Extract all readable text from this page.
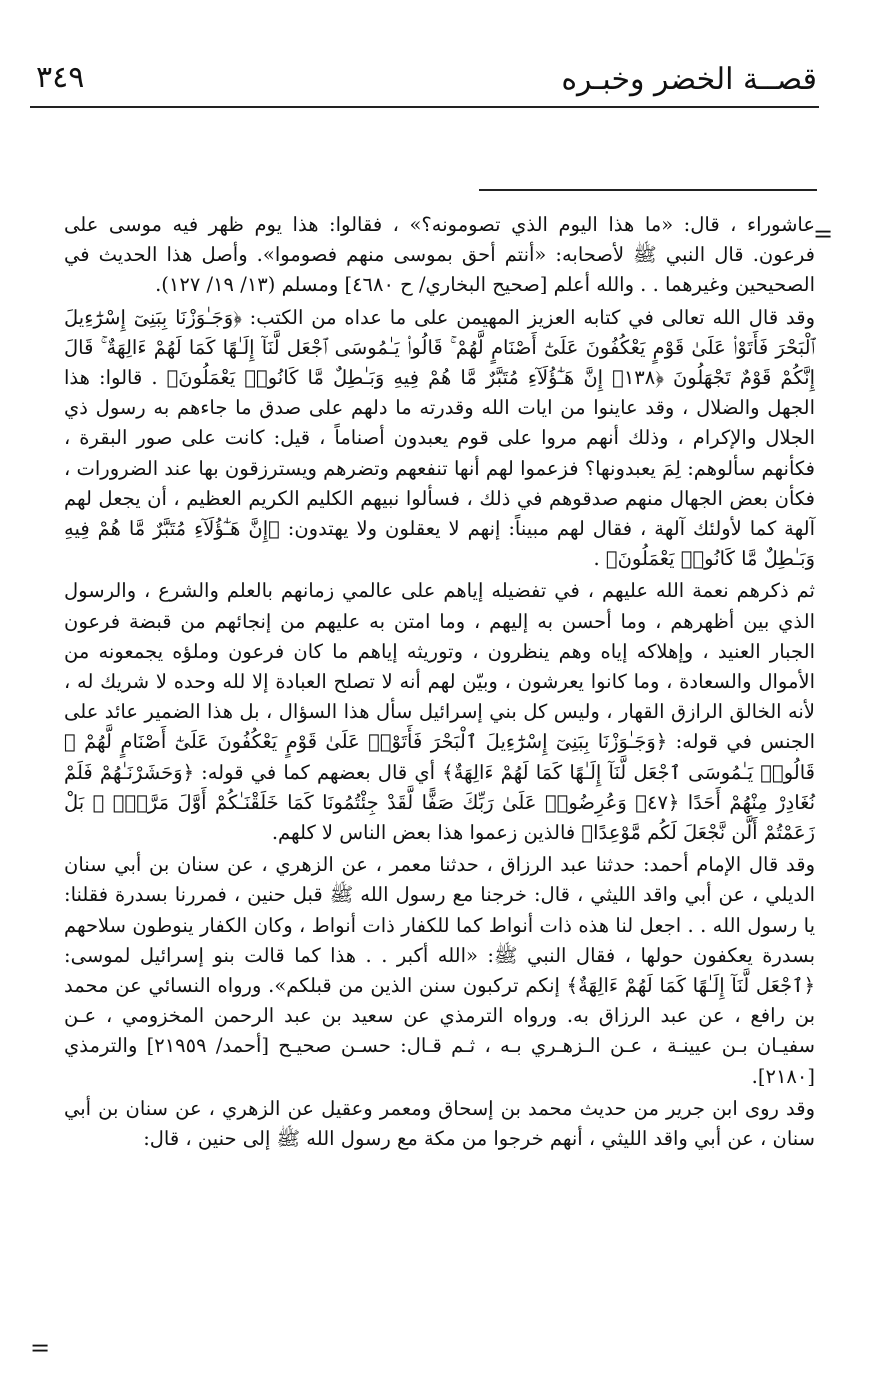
قصــة الخضر وخبـره
٣٤٩
=

عاشوراء ، قال: «ما هذا اليوم الذي تصومونه؟» ، فقالوا: هذا يوم ظهر فيه موسى على فرعون. قال النبي ﷺ لأصحابه: «أنتم أحق بموسى منهم فصوموا». وأصل هذا الحديث في الصحيحين وغيرهما . . والله أعلم [صحيح البخاري/ ح ٤٦٨٠] ومسلم (١٣/ ١٩/ ١٢٧).

وقد قال الله تعالى في كتابه العزيز المهيمن على ما عداه من الكتب: ﴿وَجَـٰوَزْنَا بِبَنِىٓ إِسْرَٰٓءِيلَ ٱلْبَحْرَ فَأَتَوْا۟ عَلَىٰ قَوْمٍ يَعْكُفُونَ عَلَىٰٓ أَصْنَامٍ لَّهُمْ ۚ قَالُوا۟ يَـٰمُوسَى ٱجْعَل لَّنَآ إِلَـٰهًا كَمَا لَهُمْ ءَالِهَةٌ ۚ قَالَ إِنَّكُمْ قَوْمٌ تَجْهَلُونَ ﴿١٣٨﴾ إِنَّ هَـٰٓؤُلَآءِ مُتَبَّرٌ مَّا هُمْ فِيهِ وَبَـٰطِلٌ مَّا كَانُوا۟ يَعْمَلُونَ﴾ . قالوا: هذا الجهل والضلال ، وقد عاينوا من ايات الله وقدرته ما دلهم على صدق ما جاءهم به رسول ذي الجلال والإكرام ، وذلك أنهم مروا على قوم يعبدون أصناماً ، قيل: كانت على صور البقرة ، فكأنهم سألوهم: لِمَ يعبدونها؟ فزعموا لهم أنها تنفعهم وتضرهم ويسترزقون بها عند الضرورات ، فكأن بعض الجهال منهم صدقوهم في ذلك ، فسألوا نبيهم الكليم الكريم العظيم ، أن يجعل لهم آلهة كما لأولئك آلهة ، فقال لهم مبيناً: إنهم لا يعقلون ولا يهتدون: ﴿إِنَّ هَـٰٓؤُلَآءِ مُتَبَّرٌ مَّا هُمْ فِيهِ وَبَـٰطِلٌ مَّا كَانُوا۟ يَعْمَلُونَ﴾ .

ثم ذكرهم نعمة الله عليهم ، في تفضيله إياهم على عالمي زمانهم بالعلم والشرع ، والرسول الذي بين أظهرهم ، وما أحسن به إليهم ، وما امتن به عليهم من إنجائهم من قبضة فرعون الجبار العنيد ، وإهلاكه إياه وهم ينظرون ، وتوريثه إياهم ما كان فرعون وملؤه يجمعونه من الأموال والسعادة ، وما كانوا يعرشون ، وبيّن لهم أنه لا تصلح العبادة إلا لله وحده لا شريك له ، لأنه الخالق الرازق القهار ، وليس كل بني إسرائيل سأل هذا السؤال ، بل هذا الضمير عائد على الجنس في قوله: ﴿وَجَـٰوَزْنَا بِبَنِىٓ إِسْرَٰٓءِيلَ ٱلْبَحْرَ فَأَتَوْا۟ عَلَىٰ قَوْمٍ يَعْكُفُونَ عَلَىٰٓ أَصْنَامٍ لَّهُمْ ۚ قَالُوا۟ يَـٰمُوسَى ٱجْعَل لَّنَآ إِلَـٰهًا كَمَا لَهُمْ ءَالِهَةٌ﴾ أي قال بعضهم كما في قوله: ﴿وَحَشَرْنَـٰهُمْ فَلَمْ نُغَادِرْ مِنْهُمْ أَحَدًا ﴿٤٧﴾ وَعُرِضُوا۟ عَلَىٰ رَبِّكَ صَفًّا لَّقَدْ جِئْتُمُونَا كَمَا خَلَقْنَـٰكُمْ أَوَّلَ مَرَّةٍۭ ۚ بَلْ زَعَمْتُمْ أَلَّن نَّجْعَلَ لَكُم مَّوْعِدًا﴾ فالذين زعموا هذا بعض الناس لا كلهم.

وقد قال الإمام أحمد: حدثنا عبد الرزاق ، حدثنا معمر ، عن الزهري ، عن سنان بن أبي سنان الديلي ، عن أبي واقد الليثي ، قال: خرجنا مع رسول الله ﷺ قبل حنين ، فمررنا بسدرة فقلنا: يا رسول الله . . اجعل لنا هذه ذات أنواط كما للكفار ذات أنواط ، وكان الكفار ينوطون سلاحهم بسدرة يعكفون حولها ، فقال النبي ﷺ: «الله أكبر . . هذا كما قالت بنو إسرائيل لموسى: ﴿ٱجْعَل لَّنَآ إِلَـٰهًا كَمَا لَهُمْ ءَالِهَةٌ﴾ إنكم تركبون سنن الذين من قبلكم». ورواه النسائي عن محمد بن رافع ، عن عبد الرزاق به. ورواه الترمذي عن سعيد بن عبد الرحمن المخزومي ، عـن سفيـان بـن عيينـة ، عـن الـزهـري بـه ، ثـم قـال: حسـن صحيـح [أحمد/ ٢١٩٥٩] والترمذي [٢١٨٠].

وقد روى ابن جرير من حديث محمد بن إسحاق ومعمر وعقيل عن الزهري ، عن سنان بن أبي سنان ، عن أبي واقد الليثي ، أنهم خرجوا من مكة مع رسول الله ﷺ إلى حنين ، قال:

=
